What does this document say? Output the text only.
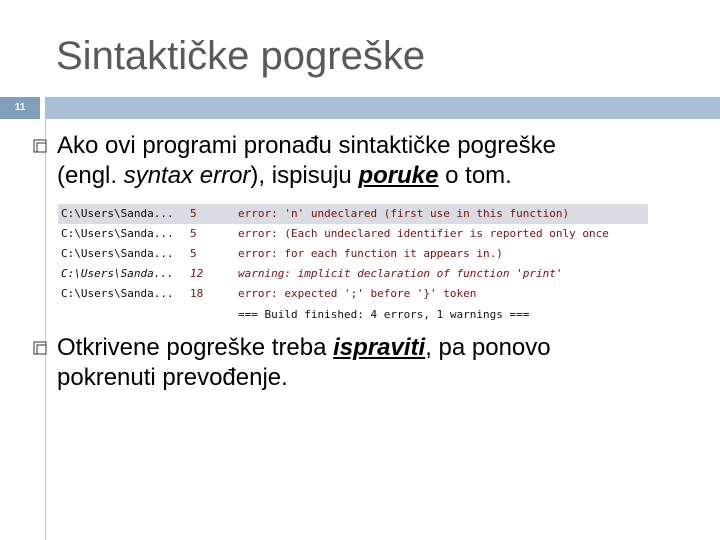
Sintaktičke pogreške
11
Ako ovi programi pronađu sintaktičke pogreške
(engl. syntax error), ispisuju poruke o tom.
C:\Users\Sanda... 5	error: 'n' undeclared (first use in this function)
C:\Users\Sanda... 5	error: (Each undeclared identifier is reported only once
C:\Users\Sanda... 5	error: for each function it appears in.)
C:\Users\Sanda... 12	warning: implicit declaration of function 'print'
C:\Users\Sanda... 18	error: expected ';' before '}' token
=== Build finished: 4 errors, 1 warnings ===
Otkrivene pogreške treba ispraviti, pa ponovo
pokrenuti prevođenje.
